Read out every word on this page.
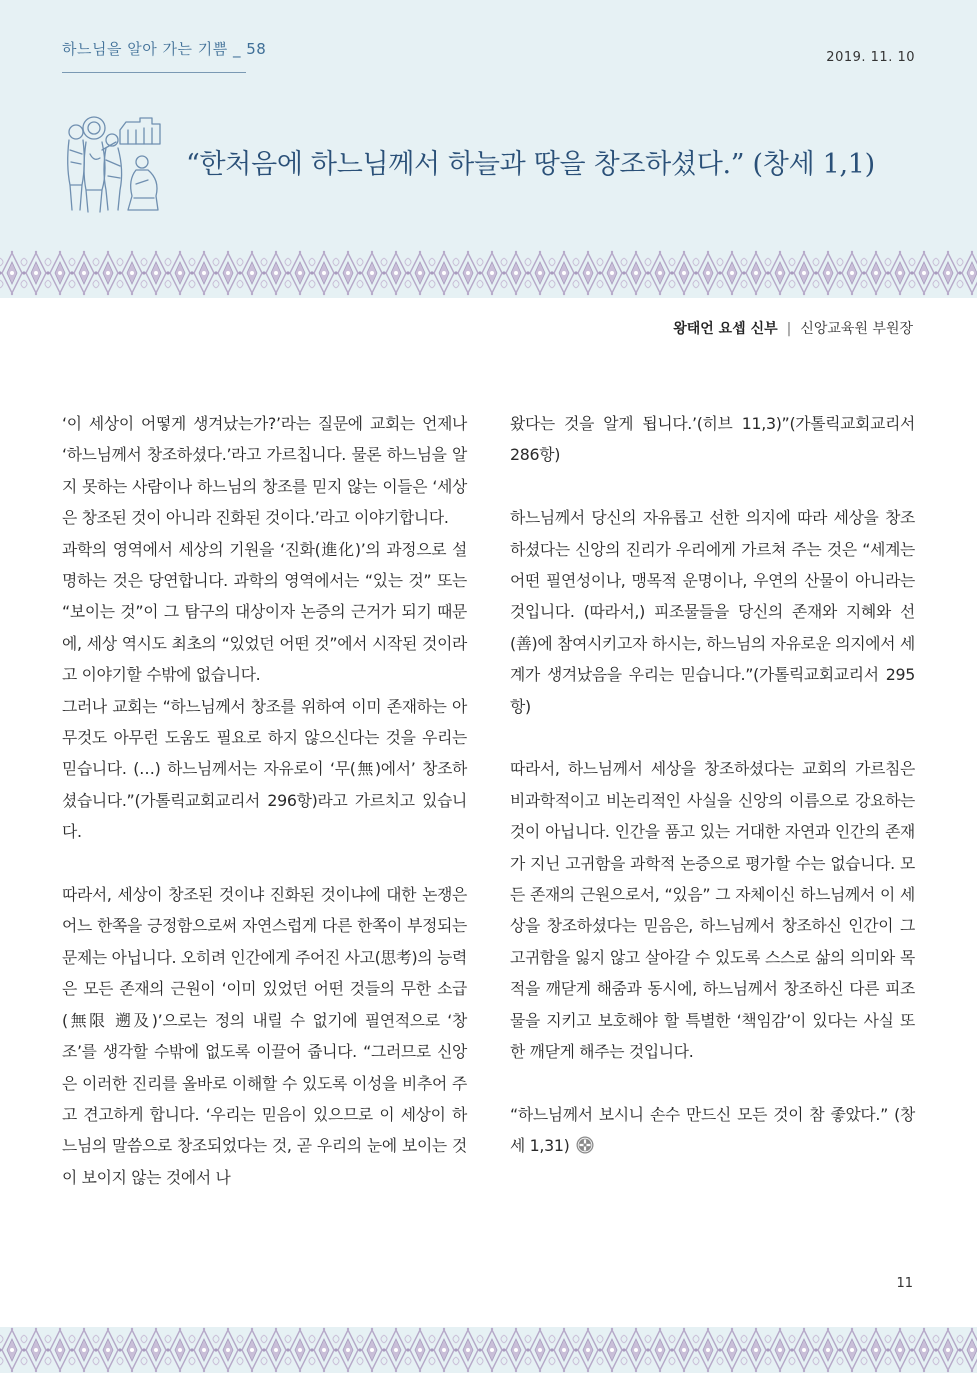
하느님을 알아 가는 기쁨 _ 58	2019. 11. 10
“한처음에 하느님께서 하늘과 땅을 창조하셨다.” (창세 1,1)
왕태언 요셉 신부 | 신앙교육원 부원장

‘이 세상이 어떻게 생겨났는가?’라는 질문에 교회는 언제나 ‘하느님께서 창조하셨다.’라고 가르칩니다. 물론 하느님을 알지 못하는 사람이나 하느님의 창조를 믿지 않는 이들은 ‘세상은 창조된 것이 아니라 진화된 것이다.’라고 이야기합니다.

과학의 영역에서 세상의 기원을 ‘진화(進化)’의 과정으로 설명하는 것은 당연합니다. 과학의 영역에서는 “있는 것” 또는 “보이는 것”이 그 탐구의 대상이자 논증의 근거가 되기 때문에, 세상 역시도 최초의 “있었던 어떤 것”에서 시작된 것이라고 이야기할 수밖에 없습니다.

그러나 교회는 “하느님께서 창조를 위하여 이미 존재하는 아무것도 아무런 도움도 필요로 하지 않으신다는 것을 우리는 믿습니다. (…) 하느님께서는 자유로이 ‘무(無)에서’ 창조하셨습니다.”(가톨릭교회교리서 296항)라고 가르치고 있습니다.

따라서, 세상이 창조된 것이냐 진화된 것이냐에 대한 논쟁은 어느 한쪽을 긍정함으로써 자연스럽게 다른 한쪽이 부정되는 문제는 아닙니다. 오히려 인간에게 주어진 사고(思考)의 능력은 모든 존재의 근원이 ‘이미 있었던 어떤 것들의 무한 소급(無限 遡及)’으로는 정의 내릴 수 없기에 필연적으로 ‘창조’를 생각할 수밖에 없도록 이끌어 줍니다. “그러므로 신앙은 이러한 진리를 올바로 이해할 수 있도록 이성을 비추어 주고 견고하게 합니다. ‘우리는 믿음이 있으므로 이 세상이 하느님의 말씀으로 창조되었다는 것, 곧 우리의 눈에 보이는 것이 보이지 않는 것에서 나

왔다는 것을 알게 됩니다.’(히브 11,3)”(가톨릭교회교리서 286항)

하느님께서 당신의 자유롭고 선한 의지에 따라 세상을 창조하셨다는 신앙의 진리가 우리에게 가르쳐 주는 것은 “세계는 어떤 필연성이나, 맹목적 운명이나, 우연의 산물이 아니라는 것입니다. (따라서,) 피조물들을 당신의 존재와 지혜와 선(善)에 참여시키고자 하시는, 하느님의 자유로운 의지에서 세계가 생겨났음을 우리는 믿습니다.”(가톨릭교회교리서 295항)

따라서, 하느님께서 세상을 창조하셨다는 교회의 가르침은 비과학적이고 비논리적인 사실을 신앙의 이름으로 강요하는 것이 아닙니다. 인간을 품고 있는 거대한 자연과 인간의 존재가 지닌 고귀함을 과학적 논증으로 평가할 수는 없습니다. 모든 존재의 근원으로서, “있음” 그 자체이신 하느님께서 이 세상을 창조하셨다는 믿음은, 하느님께서 창조하신 인간이 그 고귀함을 잃지 않고 살아갈 수 있도록 스스로 삶의 의미와 목적을 깨닫게 해줌과 동시에, 하느님께서 창조하신 다른 피조물을 지키고 보호해야 할 특별한 ‘책임감’이 있다는 사실 또한 깨닫게 해주는 것입니다.

“하느님께서 보시니 손수 만드신 모든 것이 참 좋았다.” (창세 1,31)

11
